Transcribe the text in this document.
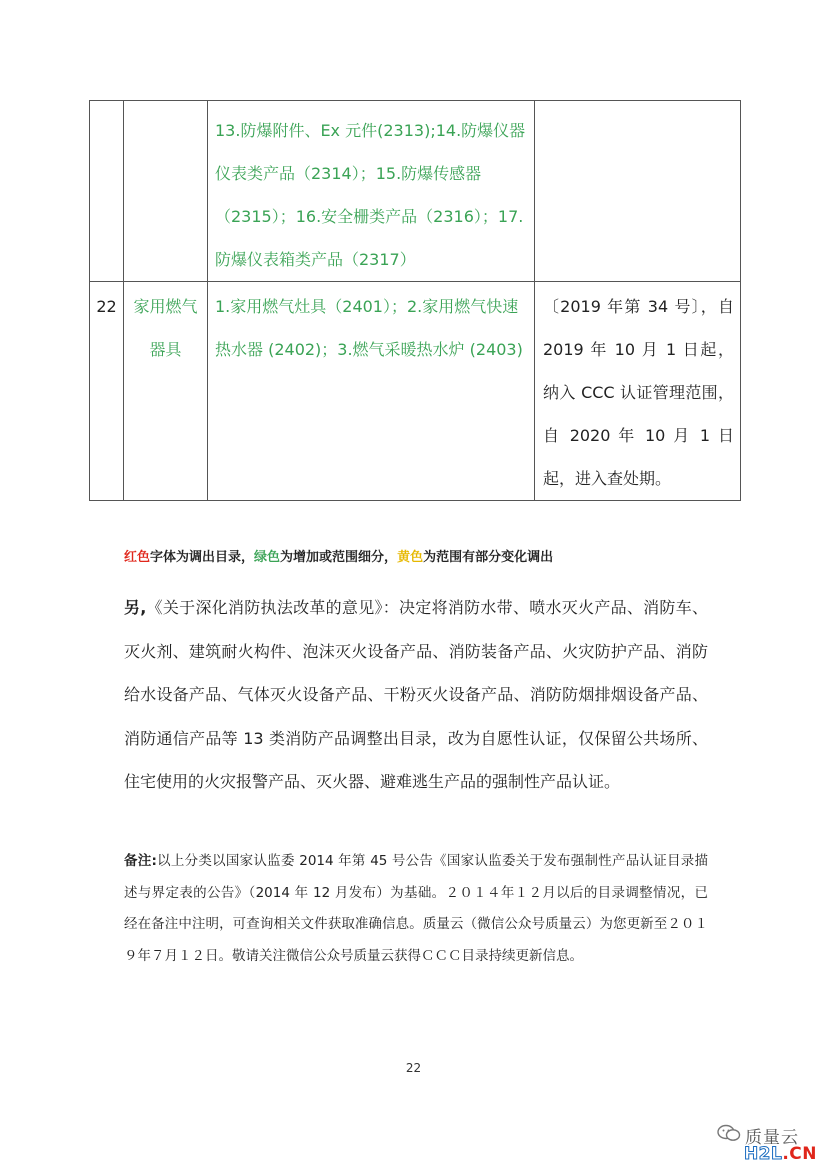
		13.防爆附件、Ex 元件(2313);14.防爆仪器仪表类产品（2314）；15.防爆传感器（2315）；16.安全栅类产品（2316）；17.防爆仪表箱类产品（2317）	

22	家用燃气器具	1.家用燃气灶具（2401）；2.家用燃气快速热水器 (2402)；3.燃气采暖热水炉 (2403)	〔2019 年第 34 号〕，自 2019 年 10 月 1 日起，纳入 CCC 认证管理范围，自 2020 年 10 月 1 日起，进入查处期。
红色字体为调出目录，绿色为增加或范围细分，黄色为范围有部分变化调出
另,《关于深化消防执法改革的意见》：决定将消防水带、喷水灭火产品、消防车、灭火剂、建筑耐火构件、泡沫灭火设备产品、消防装备产品、火灾防护产品、消防给水设备产品、气体灭火设备产品、干粉灭火设备产品、消防防烟排烟设备产品、消防通信产品等 13 类消防产品调整出目录，改为自愿性认证，仅保留公共场所、住宅使用的火灾报警产品、灭火器、避难逃生产品的强制性产品认证。
备注:以上分类以国家认监委 2014 年第 45 号公告《国家认监委关于发布强制性产品认证目录描述与界定表的公告》（2014 年 12 月发布）为基础。２０１４年１２月以后的目录调整情况，已经在备注中注明，可查询相关文件获取准确信息。质量云（微信公众号质量云）为您更新至２０１９年７月１２日。敬请关注微信公众号质量云获得ＣＣＣ目录持续更新信息。
22
质量云
H2L.CN
